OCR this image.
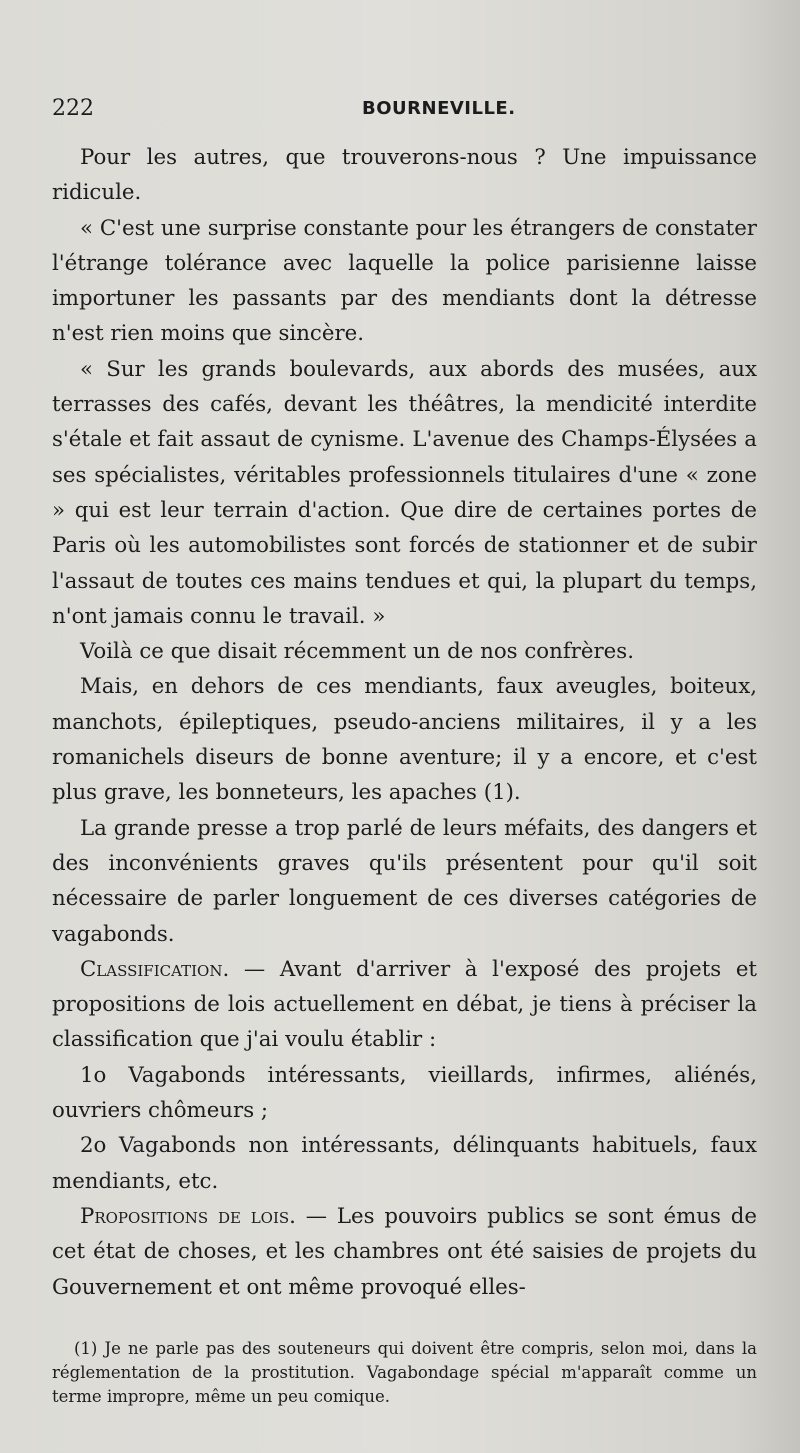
222	BOURNEVILLE.

Pour les autres, que trouverons-nous ? Une impuissance ridicule.

« C'est une surprise constante pour les étrangers de constater l'étrange tolérance avec laquelle la police parisienne laisse importuner les passants par des mendiants dont la détresse n'est rien moins que sincère.

« Sur les grands boulevards, aux abords des musées, aux terrasses des cafés, devant les théâtres, la mendicité interdite s'étale et fait assaut de cynisme. L'avenue des Champs-Élysées a ses spécialistes, véritables professionnels titulaires d'une « zone » qui est leur terrain d'action. Que dire de certaines portes de Paris où les automobilistes sont forcés de stationner et de subir l'assaut de toutes ces mains tendues et qui, la plupart du temps, n'ont jamais connu le travail. »

Voilà ce que disait récemment un de nos confrères.

Mais, en dehors de ces mendiants, faux aveugles, boiteux, manchots, épileptiques, pseudo-anciens militaires, il y a les romanichels diseurs de bonne aventure; il y a encore, et c'est plus grave, les bonneteurs, les apaches (1).

La grande presse a trop parlé de leurs méfaits, des dangers et des inconvénients graves qu'ils présentent pour qu'il soit nécessaire de parler longuement de ces diverses catégories de vagabonds.

Classification. — Avant d'arriver à l'exposé des projets et propositions de lois actuellement en débat, je tiens à préciser la classification que j'ai voulu établir :

1o Vagabonds intéressants, vieillards, infirmes, aliénés, ouvriers chômeurs ;

2o Vagabonds non intéressants, délinquants habituels, faux mendiants, etc.

Propositions de lois. — Les pouvoirs publics se sont émus de cet état de choses, et les chambres ont été saisies de projets du Gouvernement et ont même provoqué elles-

(1) Je ne parle pas des souteneurs qui doivent être compris, selon moi, dans la réglementation de la prostitution. Vagabondage spécial m'apparaît comme un terme impropre, même un peu comique.
